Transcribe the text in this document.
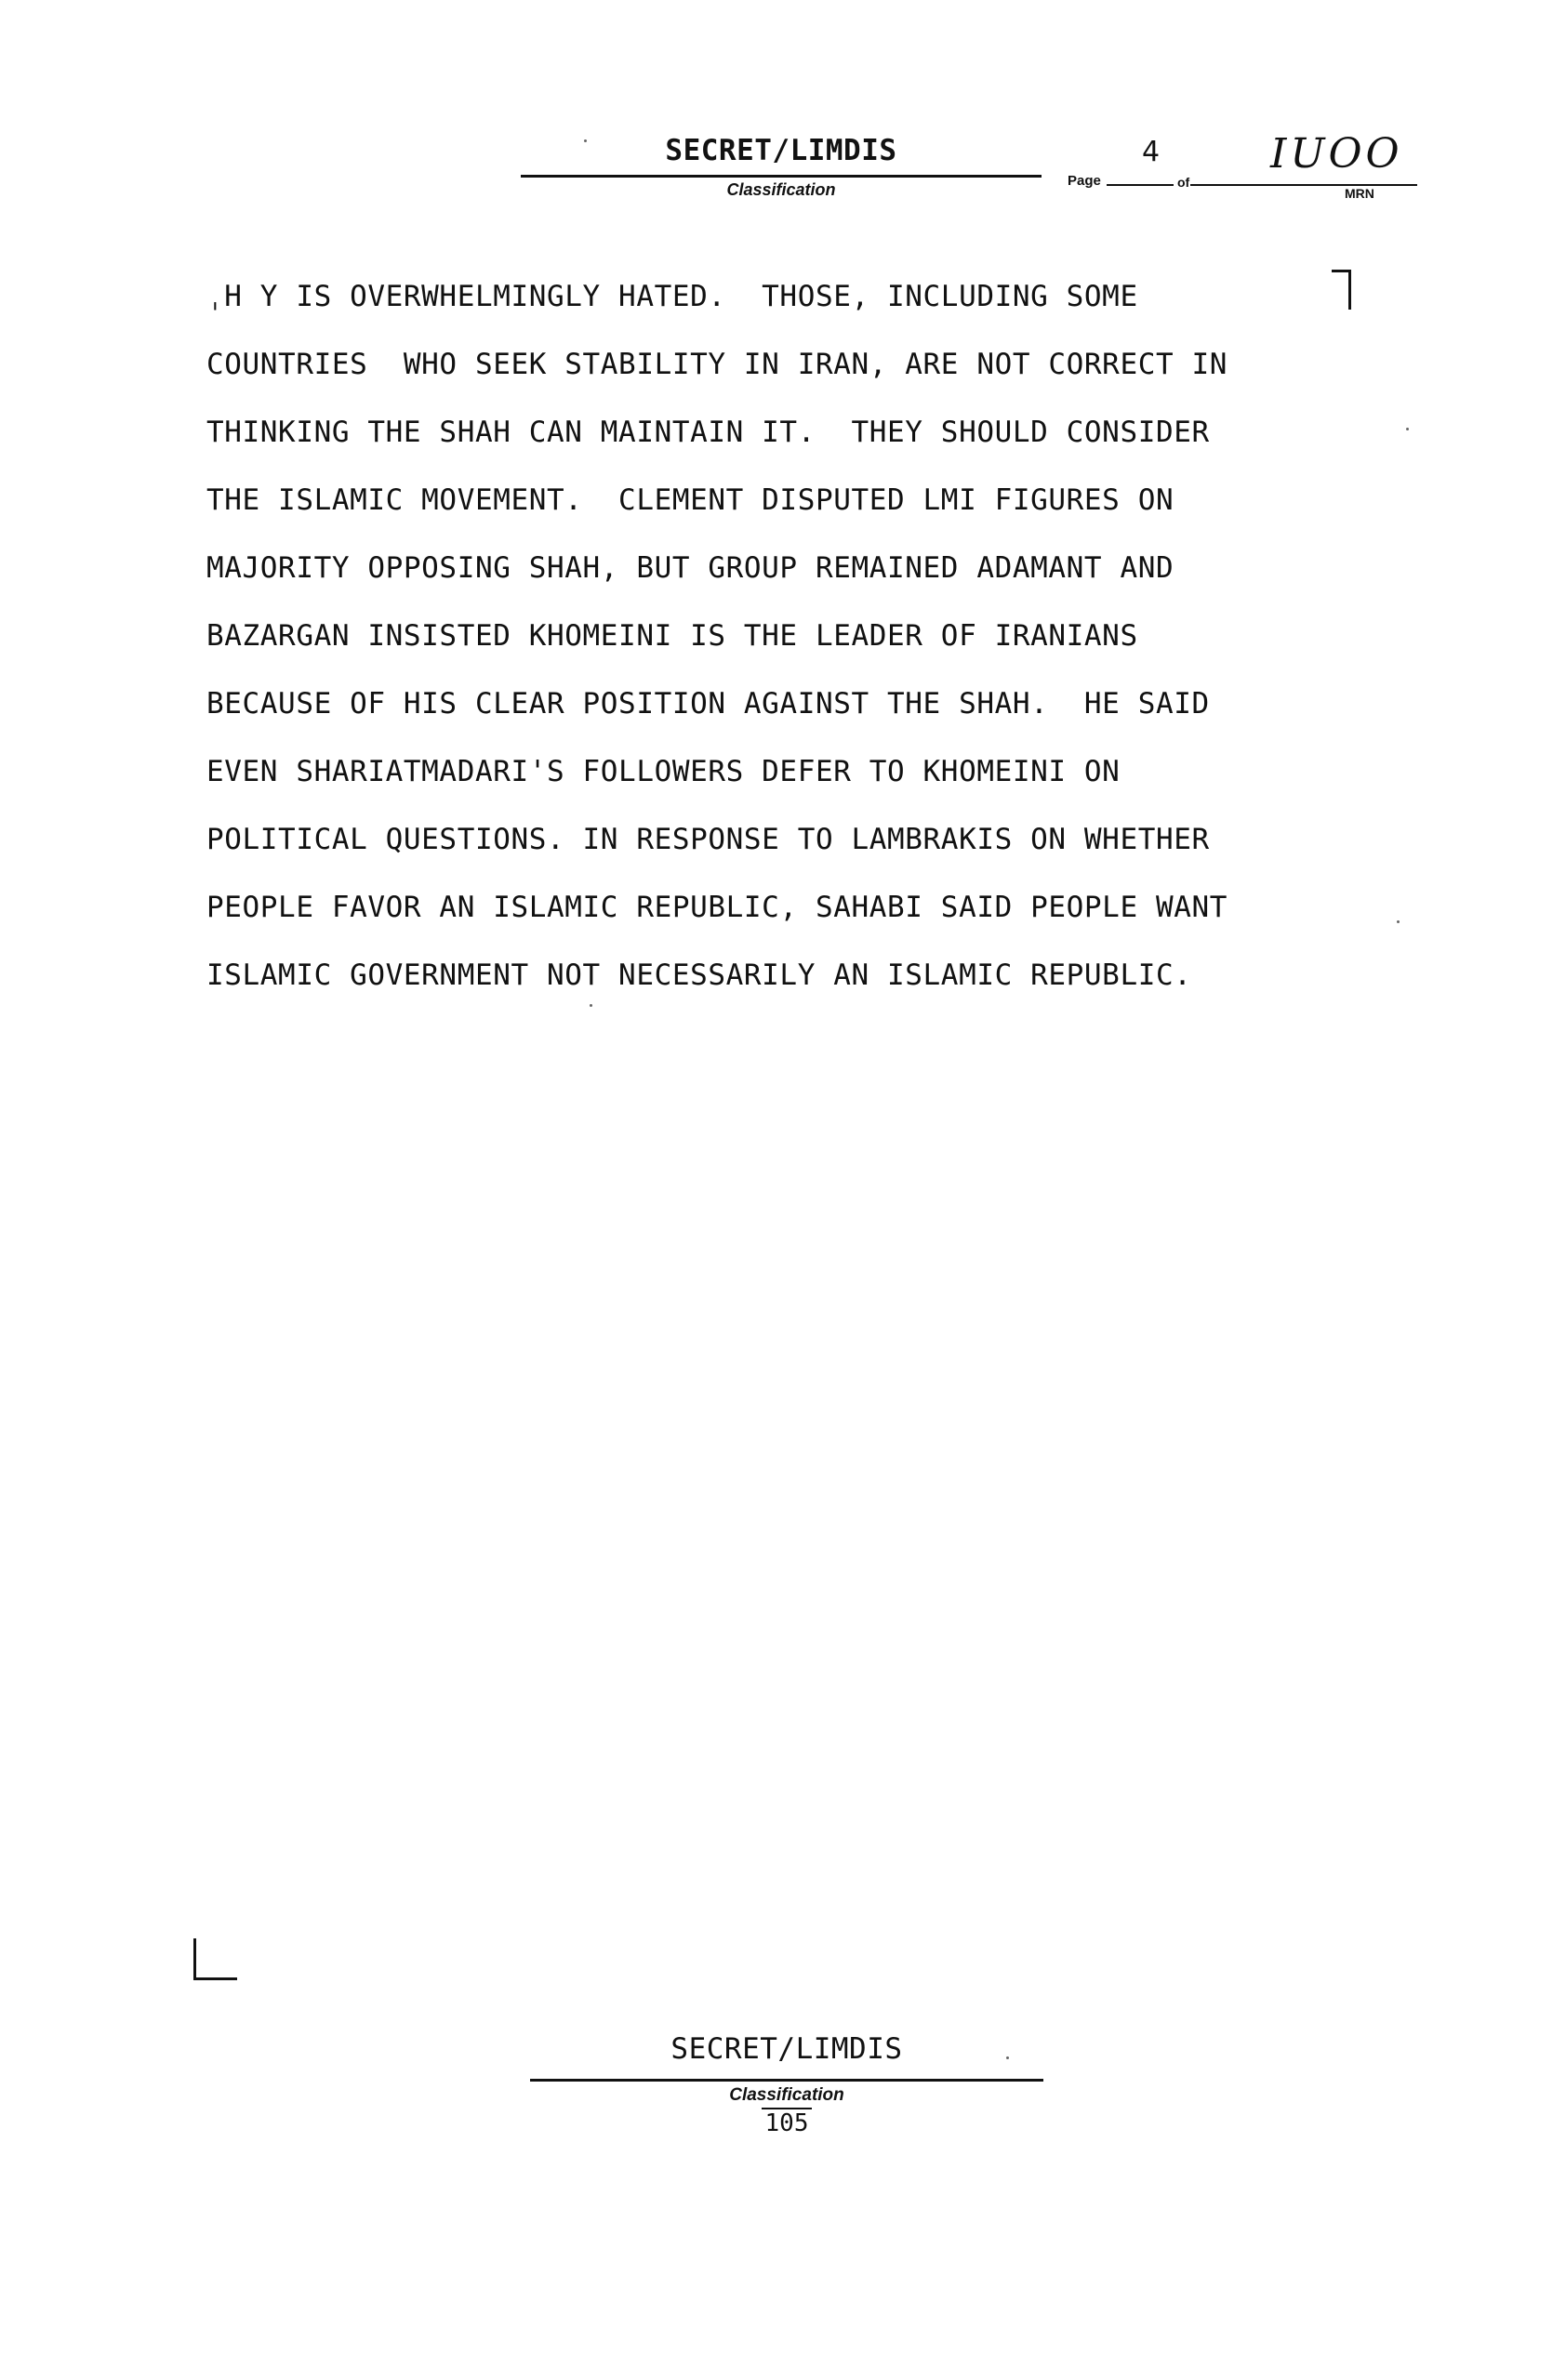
SECRET/LIMDIS
Classification	Page
4
of
IUOO
MRN
ˌH Y IS OVERWHELMINGLY HATED.  THOSE, INCLUDING SOME
COUNTRIES  WHO SEEK STABILITY IN IRAN, ARE NOT CORRECT IN
THINKING THE SHAH CAN MAINTAIN IT.  THEY SHOULD CONSIDER
THE ISLAMIC MOVEMENT.  CLEMENT DISPUTED LMI FIGURES ON
MAJORITY OPPOSING SHAH, BUT GROUP REMAINED ADAMANT AND
BAZARGAN INSISTED KHOMEINI IS THE LEADER OF IRANIANS
BECAUSE OF HIS CLEAR POSITION AGAINST THE SHAH.  HE SAID
EVEN SHARIATMADARI'S FOLLOWERS DEFER TO KHOMEINI ON
POLITICAL QUESTIONS. IN RESPONSE TO LAMBRAKIS ON WHETHER
PEOPLE FAVOR AN ISLAMIC REPUBLIC, SAHABI SAID PEOPLE WANT
ISLAMIC GOVERNMENT NOT NECESSARILY AN ISLAMIC REPUBLIC.
SECRET/LIMDIS
Classification
105
